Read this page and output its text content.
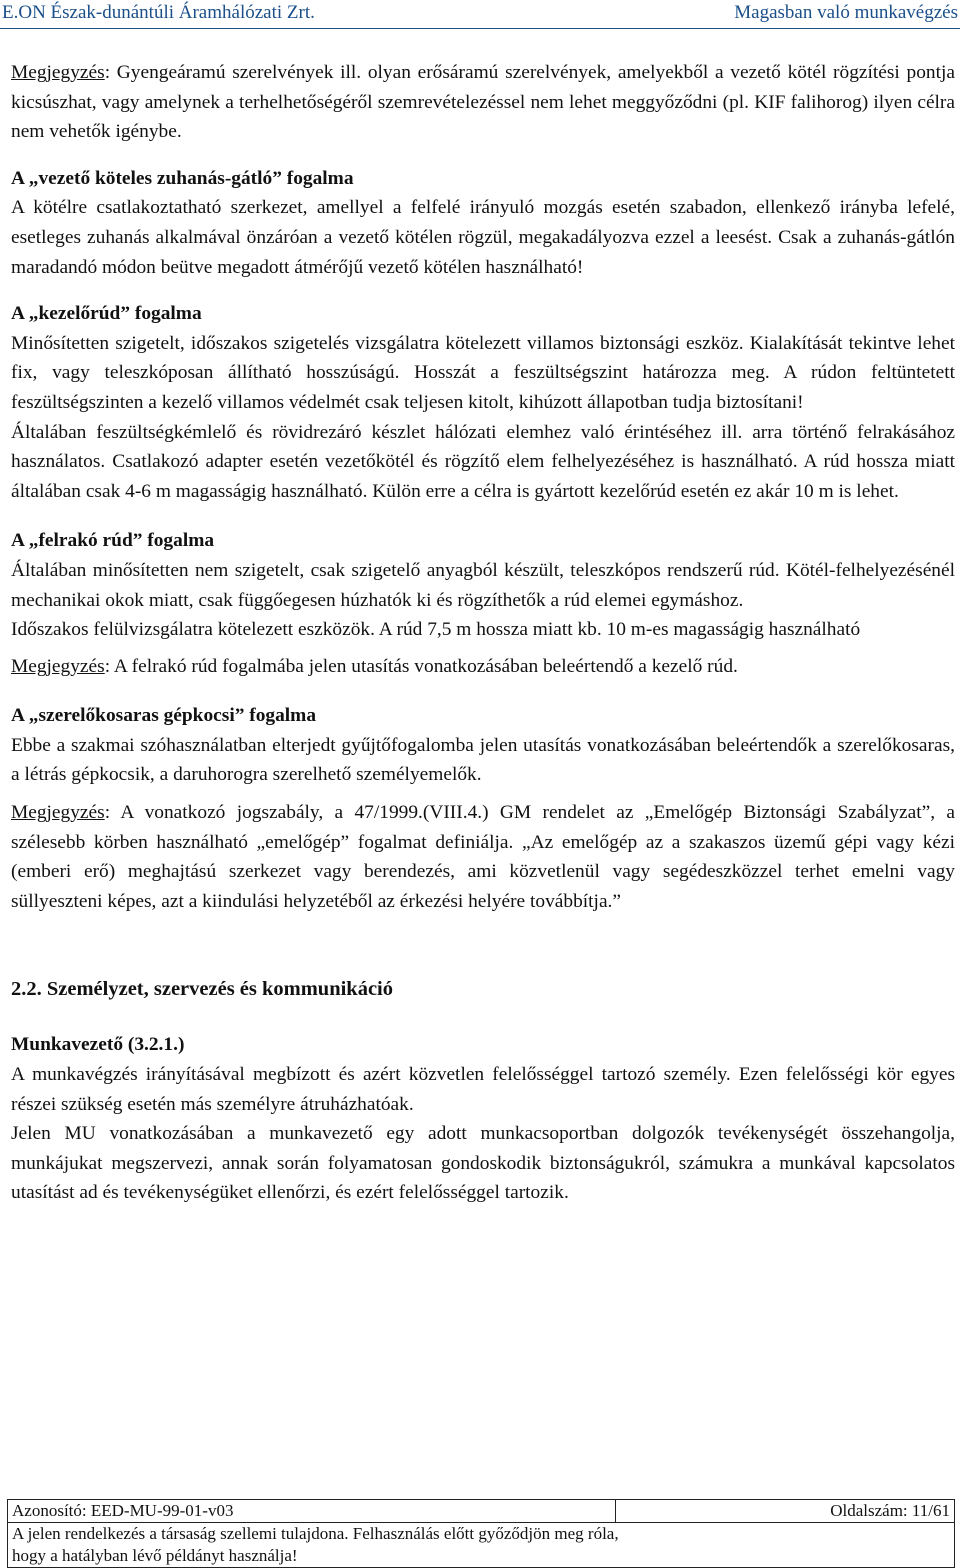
E.ON Észak-dunántúli Áramhálózati Zrt.	Magasban való munkavégzés

Megjegyzés: Gyengeáramú szerelvények ill. olyan erősáramú szerelvények, amelyekből a vezető kötél rögzítési pontja kicsúszhat, vagy amelynek a terhelhetőségéről szemrevételezéssel nem lehet meggyőződni (pl. KIF falihorog) ilyen célra nem vehetők igénybe.

A „vezető köteles zuhanás-gátló” fogalma

A kötélre csatlakoztatható szerkezet, amellyel a felfelé irányuló mozgás esetén szabadon, ellenkező irányba lefelé, esetleges zuhanás alkalmával önzáróan a vezető kötélen rögzül, megakadályozva ezzel a leesést. Csak a zuhanás-gátlón maradandó módon beütve megadott átmérőjű vezető kötélen használható!

A „kezelőrúd” fogalma

Minősítetten szigetelt, időszakos szigetelés vizsgálatra kötelezett villamos biztonsági eszköz. Kialakítását tekintve lehet fix, vagy teleszkóposan állítható hosszúságú. Hosszát a feszültségszint határozza meg. A rúdon feltüntetett feszültségszinten a kezelő villamos védelmét csak teljesen kitolt, kihúzott állapotban tudja biztosítani!

Általában feszültségkémlelő és rövidrezáró készlet hálózati elemhez való érintéséhez ill. arra történő felrakásához használatos. Csatlakozó adapter esetén vezetőkötél és rögzítő elem felhelyezéséhez is használható. A rúd hossza miatt általában csak 4-6 m magasságig használható. Külön erre a célra is gyártott kezelőrúd esetén ez akár 10 m is lehet.

A „felrakó rúd” fogalma

Általában minősítetten nem szigetelt, csak szigetelő anyagból készült, teleszkópos rendszerű rúd. Kötél-felhelyezésénél mechanikai okok miatt, csak függőegesen húzhatók ki és rögzíthetők a rúd elemei egymáshoz.

Időszakos felülvizsgálatra kötelezett eszközök. A rúd 7,5 m hossza miatt kb. 10 m-es magasságig használható

Megjegyzés: A felrakó rúd fogalmába jelen utasítás vonatkozásában beleértendő a kezelő rúd.

A „szerelőkosaras gépkocsi” fogalma

Ebbe a szakmai szóhasználatban elterjedt gyűjtőfogalomba jelen utasítás vonatkozásában beleértendők a szerelőkosaras, a létrás gépkocsik, a daruhorogra szerelhető személyemelők.

Megjegyzés: A vonatkozó jogszabály, a 47/1999.(VIII.4.) GM rendelet az „Emelőgép Biztonsági Szabályzat”, a szélesebb körben használható „emelőgép” fogalmat definiálja. „Az emelőgép az a szakaszos üzemű gépi vagy kézi (emberi erő) meghajtású szerkezet vagy berendezés, ami közvetlenül vagy segédeszközzel terhet emelni vagy süllyeszteni képes, azt a kiindulási helyzetéből az érkezési helyére továbbítja.”

2.2. Személyzet, szervezés és kommunikáció

Munkavezető (3.2.1.)

A munkavégzés irányításával megbízott és azért közvetlen felelősséggel tartozó személy. Ezen felelősségi kör egyes részei szükség esetén más személyre átruházhatóak.

Jelen MU vonatkozásában a munkavezető egy adott munkacsoportban dolgozók tevékenységét összehangolja, munkájukat megszervezi, annak során folyamatosan gondoskodik biztonságukról, számukra a munkával kapcsolatos utasítást ad és tevékenységüket ellenőrzi, és ezért felelősséggel tartozik.

Azonosító: EED-MU-99-01-v03	Oldalszám: 11/61
A jelen rendelkezés a társaság szellemi tulajdona. Felhasználás előtt győződjön meg róla,
hogy a hatályban lévő példányt használja!
